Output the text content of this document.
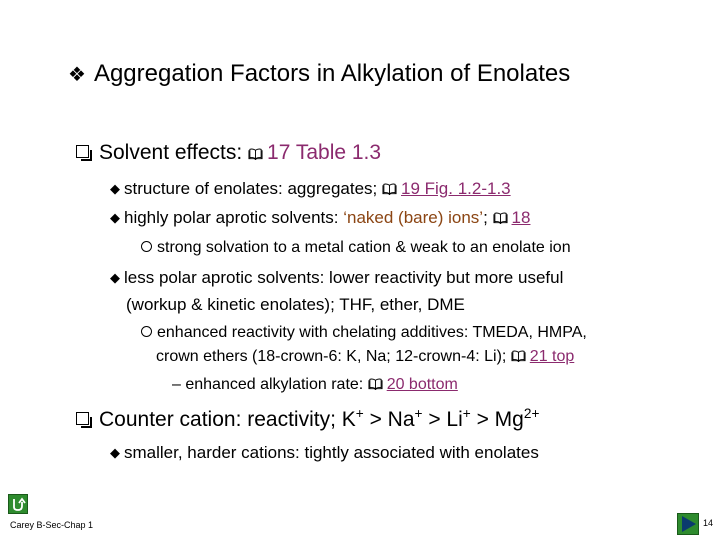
❖ Aggregation Factors in Alkylation of Enolates
Solvent effects: 17 Table 1.3
◆ structure of enolates: aggregates; 19 Fig. 1.2-1.3
◆ highly polar aprotic solvents: ‘naked (bare) ions’; 18
strong solvation to a metal cation & weak to an enolate ion
◆ less polar aprotic solvents: lower reactivity but more useful
(workup & kinetic enolates); THF, ether, DME
enhanced reactivity with chelating additives: TMEDA, HMPA,
crown ethers (18-crown-6: K, Na; 12-crown-4: Li); 21 top
– enhanced alkylation rate: 20 bottom
Counter cation: reactivity; $K^+ > Na^+ > Li^+ > Mg^{2+}$
◆ smaller, harder cations: tightly associated with enolates
Carey B-Sec-Chap 1	14
